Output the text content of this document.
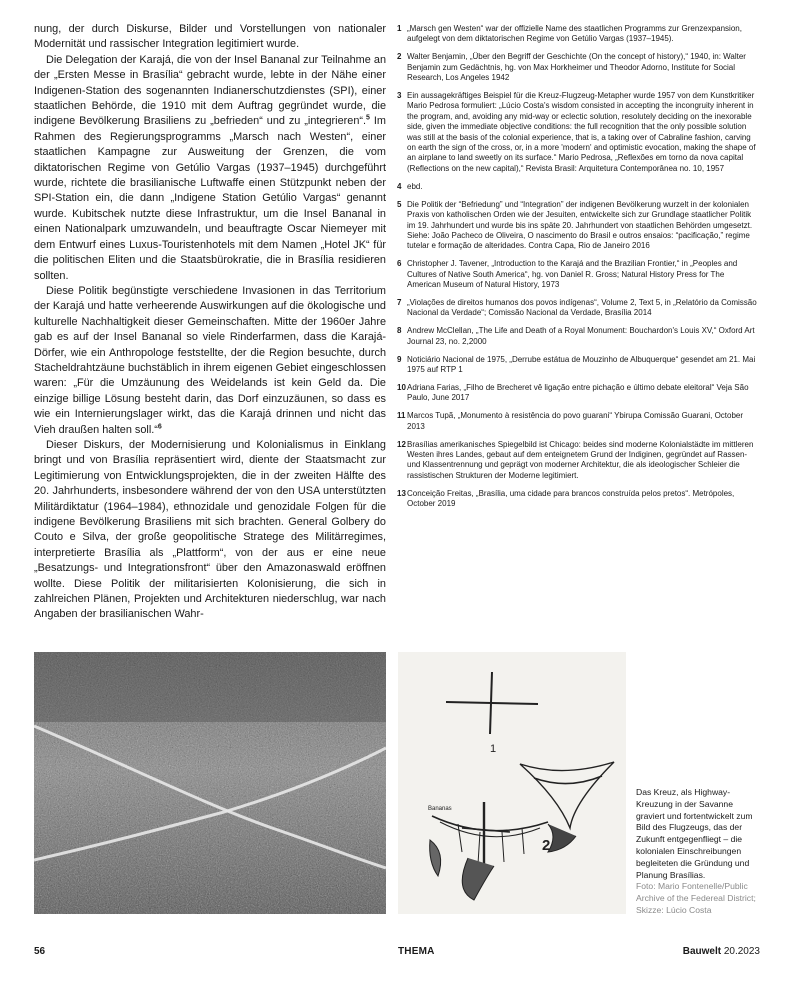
nung, der durch Diskurse, Bilder und Vorstellungen von nationaler Modernität und rassischer Integration legitimiert wurde.

Die Delegation der Karajá, die von der Insel Bananal zur Teilnahme an der „Ersten Messe in Brasília“ gebracht wurde, lebte in der Nähe einer Indigenen-Station des sogenannten Indianerschutzdienstes (SPI), einer staatlichen Behörde, die 1910 mit dem Auftrag gegründet wurde, die indigene Bevölkerung Brasiliens zu „befrieden“ und zu „integrieren“.$^5$ Im Rahmen des Regierungsprogramms „Marsch nach Westen“, einer staatlichen Kampagne zur Ausweitung der Grenzen, die vom diktatorischen Regime von Getúlio Vargas (1937–1945) durchgeführt wurde, richtete die brasilianische Luftwaffe einen Stützpunkt neben der SPI-Station ein, die dann „Indigene Station Getúlio Vargas“ genannt wurde. Kubitschek nutzte diese Infrastruktur, um die Insel Bananal in einen Nationalpark umzuwandeln, und beauftragte Oscar Niemeyer mit dem Entwurf eines Luxus-Touristenhotels mit dem Namen „Hotel JK“ für die politischen Eliten und die Staatsbürokratie, die in Brasília residieren sollten.

Diese Politik begünstigte verschiedene Invasionen in das Territorium der Karajá und hatte verheerende Auswirkungen auf die ökologische und kulturelle Nachhaltigkeit dieser Gemeinschaften. Mitte der 1960er Jahre gab es auf der Insel Bananal so viele Rinderfarmen, dass die Karajá-Dörfer, wie ein Anthropologe feststellte, der die Region besuchte, durch Stacheldrahtzäune buchstäblich in ihrem eigenen Gebiet eingeschlossen waren: „Für die Umzäunung des Weidelands ist kein Geld da. Die einzige billige Lösung besteht darin, das Dorf einzuzäunen, so dass es wie ein Internierungslager wirkt, das die Karajá drinnen und nicht das Vieh draußen halten soll.“$^6$

Dieser Diskurs, der Modernisierung und Kolonialismus in Einklang bringt und von Brasília repräsentiert wird, diente der Staatsmacht zur Legitimierung von Entwicklungsprojekten, die in der zweiten Hälfte des 20. Jahrhunderts, insbesondere während der von den USA unterstützten Militärdiktatur (1964–1984), ethnozidale und genozidale Folgen für die indigene Bevölkerung Brasiliens mit sich brachten. General Golbery do Couto e Silva, der große geopolitische Stratege des Militärregimes, interpretierte Brasília als „Plattform“, von der aus er eine neue „Besatzungs- und Integrationsfront“ über den Amazonaswald eröffnen wollte. Diese Politik der militarisierten Kolonisierung, die sich in zahlreichen Plänen, Projekten und Architekturen niederschlug, war nach Angaben der brasilianischen Wahr-

1 „Marsch gen Westen“ war der offizielle Name des staatlichen Programms zur Grenzexpansion, aufgelegt von dem diktatorischen Regime von Getúlio Vargas (1937–1945).
2 Walter Benjamin, „Über den Begriff der Geschichte (On the concept of history),“ 1940, in: Walter Benjamin zum Gedächtnis, hg. von Max Horkheimer und Theodor Adorno, Institute for Social Research, Los Angeles 1942
3 Ein aussagekräftiges Beispiel für die Kreuz-Flugzeug-Metapher wurde 1957 von dem Kunstkritiker Mario Pedrosa formuliert: „Lúcio Costa's wisdom consisted in accepting the incongruity inherent in the program, and, avoiding any mid-way or eclectic solution, resolutely deciding on the inexorable side, given the immediate objective conditions: the full recognition that the only possible solution was still at the basis of the colonial experience, that is, a taking over of Cabraline fashion, carving on earth the sign of the cross, or, in a more 'modern' and optimistic evocation, making the shape of an airplane to land sweetly on its surface.“ Mario Pedrosa, „Reflexões em torno da nova capital (Reflections on the new capital),“ Revista Brasil: Arquitetura Contemporânea no. 10, 1957
4 ebd.
5 Die Politik der “Befriedung” und “Integration” der indigenen Bevölkerung wurzelt in der kolonialen Praxis von katholischen Orden wie der Jesuiten, entwickelte sich zur Grundlage staatlicher Politik im 19. Jahrhundert und wurde bis ins späte 20. Jahrhundert von staatlichen Behörden umgesetzt. Siehe: João Pacheco de Oliveira, O nascimento do Brasil e outros ensaios: “pacificação,” regime tutelar e formação de alteridades. Contra Capa, Rio de Janeiro 2016
6 Christopher J. Tavener, „Introduction to the Karajá and the Brazilian Frontier,“ in „Peoples and Cultures of Native South America“, hg. von Daniel R. Gross; Natural History Press for The American Museum of Natural History, 1973
7 „Violações de direitos humanos dos povos indígenas“, Volume 2, Text 5, in „Relatório da Comissão Nacional da Verdade“; Comissão Nacional da Verdade, Brasília 2014
8 Andrew McClellan, „The Life and Death of a Royal Monument: Bouchardon's Louis XV,“ Oxford Art Journal 23, no. 2,2000
9 Noticiário Nacional de 1975, „Derrube estátua de Mouzinho de Albuquerque“ gesendet am 21. Mai 1975 auf RTP 1
10 Adriana Farias, „Filho de Brecheret vê ligação entre pichação e último debate eleitoral“ Veja São Paulo, June 2017
11 Marcos Tupã, „Monumento à resistência do povo guarani“ Ybirupa Comissão Guarani, October 2013
12 Brasílias amerikanisches Spiegelbild ist Chicago: beides sind moderne Kolonialstädte im mittleren Westen ihres Landes, gebaut auf dem enteignetem Grund der Indiginen, gegründet auf Rassen- und Klassentrennung und geprägt von moderner Architektur, die als ideologischer Schleier die rassistischen Strukturen der Moderne legitimiert.
13 Conceição Freitas, „Brasília, uma cidade para brancos construída pelos pretos“. Metrópoles, October 2019
1
2
Bananas
Das Kreuz, als Highway-Kreuzung in der Savanne graviert und fortentwickelt zum Bild des Flugzeugs, das der Zukunft entgegenfliegt – die kolonialen Einschreibungen begleiteten die Gründung und Planung Brasílias.
Foto: Mario Fontenelle/Public Archive of the Federeal District; Skizze: Lúcio Costa
56	THEMA	Bauwelt 20.2023
